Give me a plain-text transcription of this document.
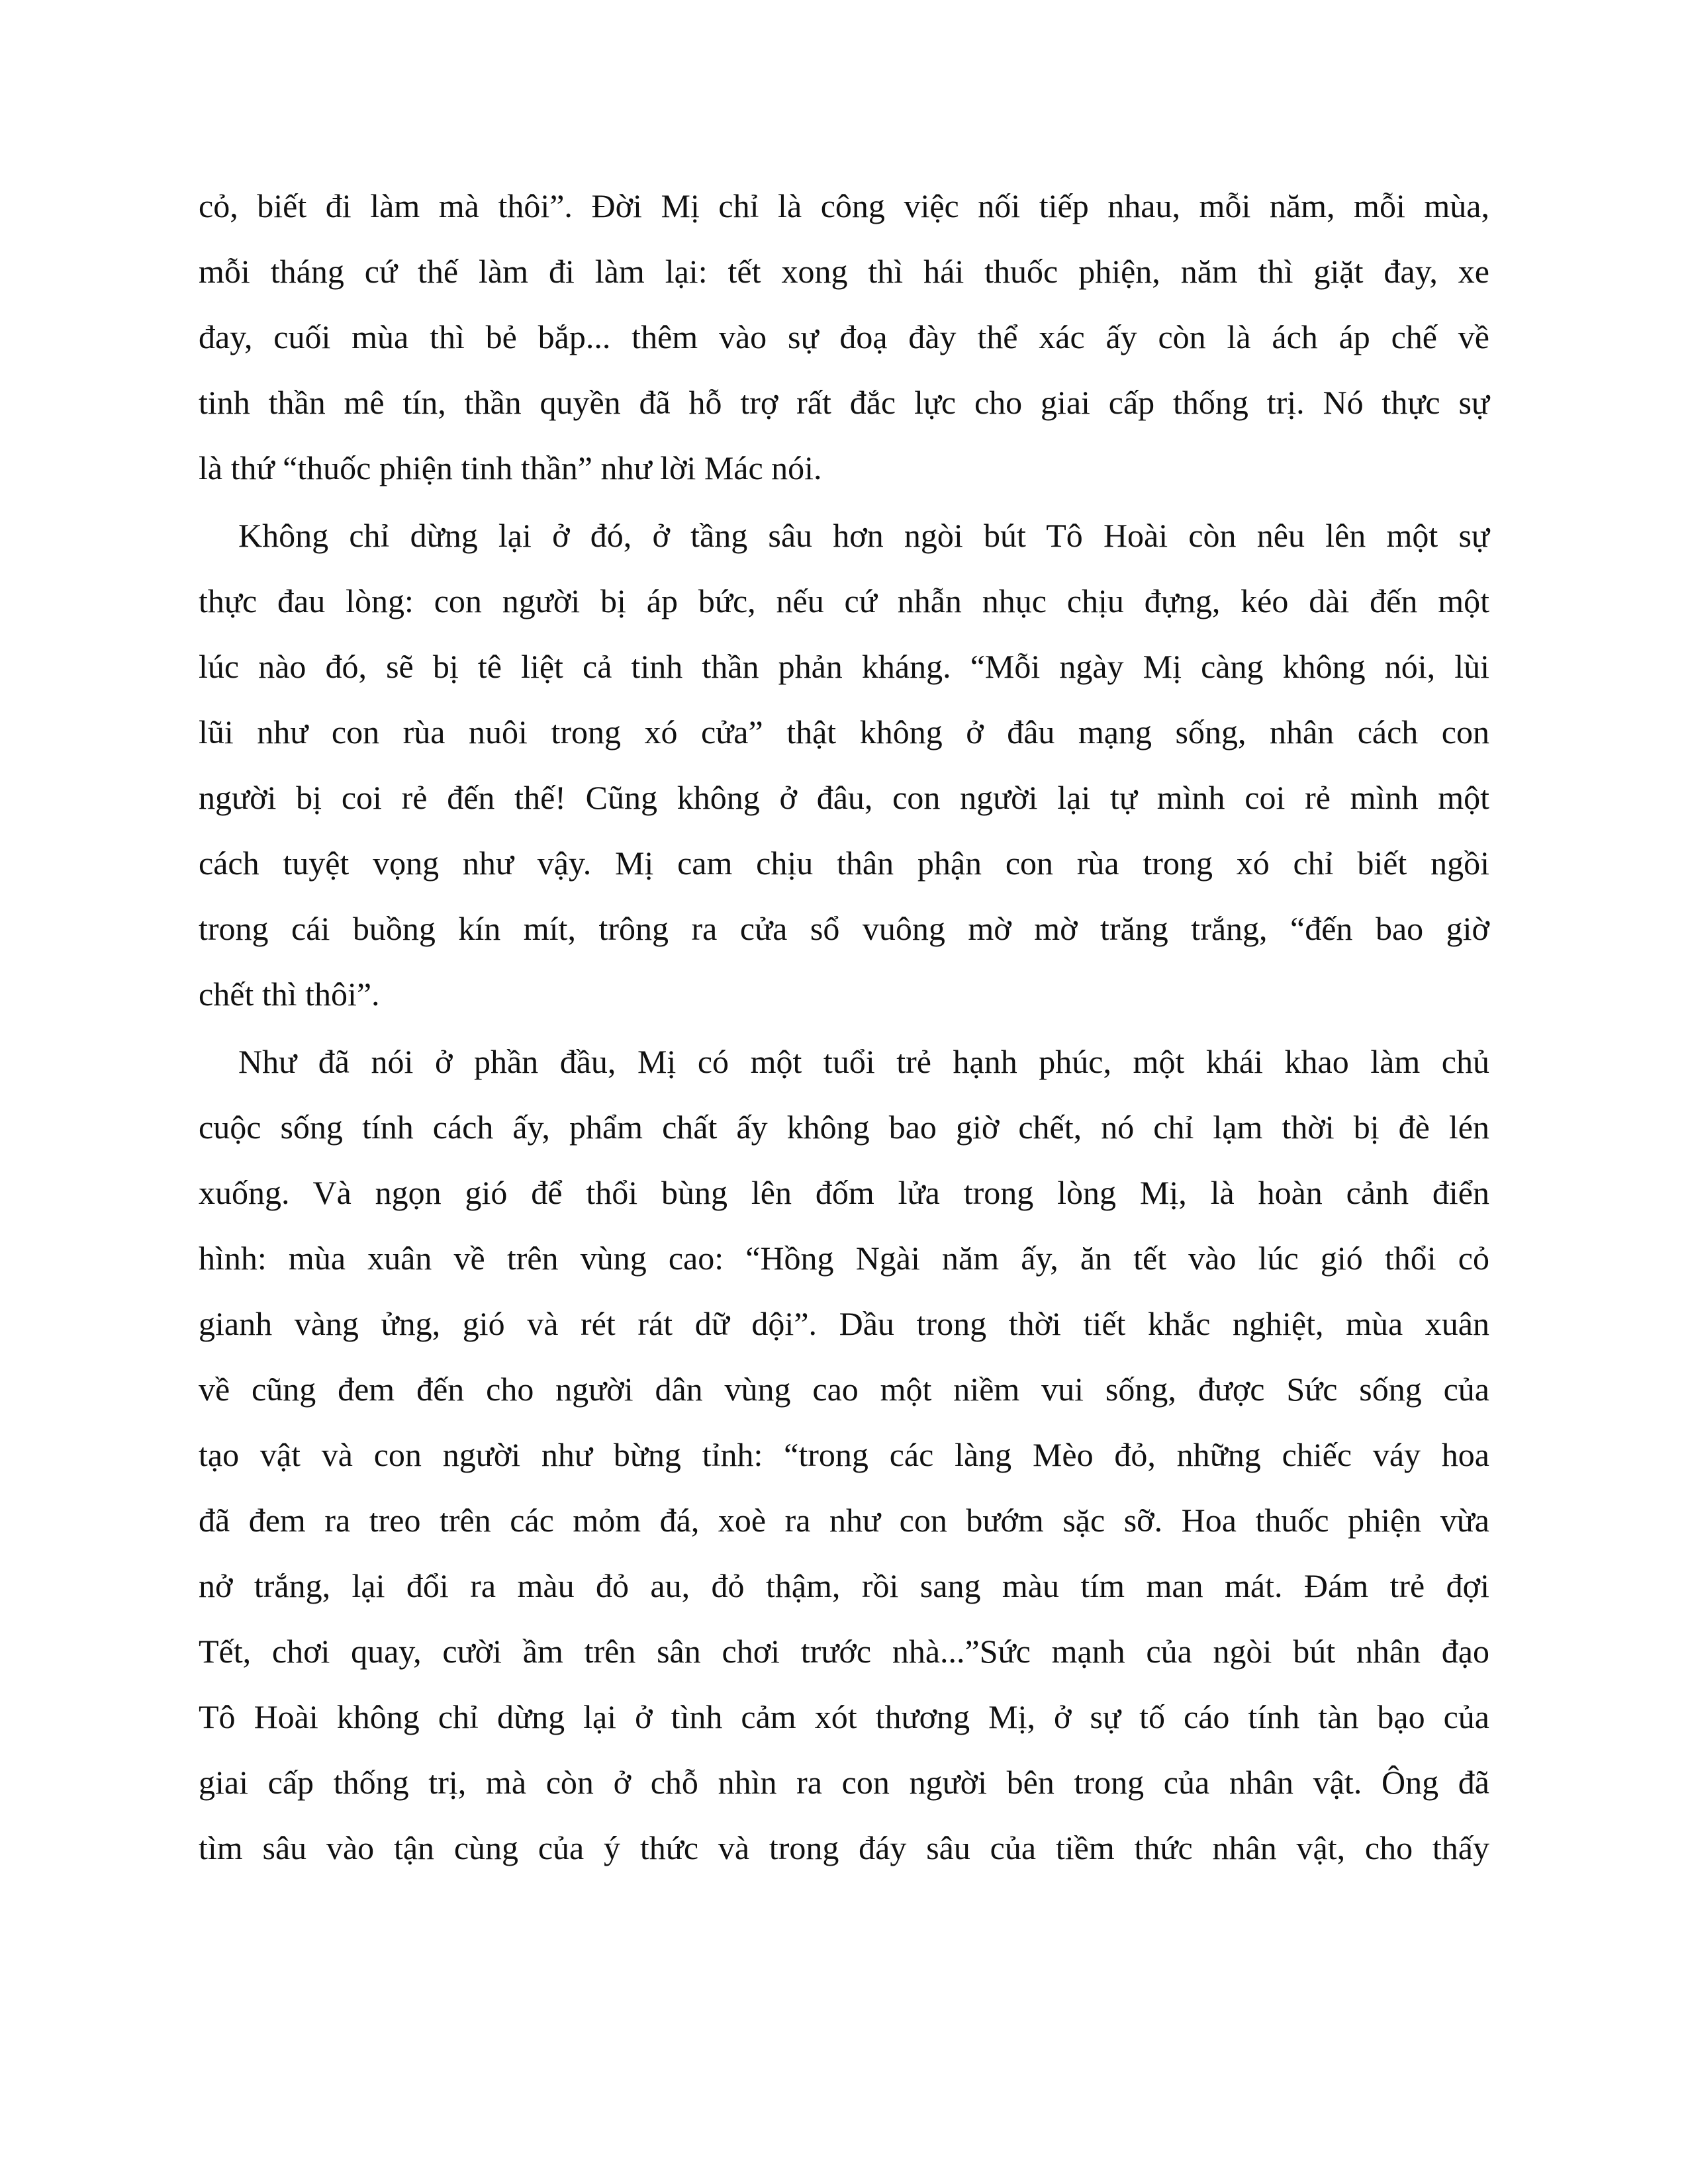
cỏ, biết đi làm mà thôi”. Đời Mị chỉ là công việc nối tiếp nhau, mỗi năm, mỗi mùa,
mỗi tháng cứ thế làm đi làm lại: tết xong thì hái thuốc phiện, năm thì giặt đay, xe
đay, cuối mùa thì bẻ bắp... thêm vào sự đoạ đày thể xác ấy còn là ách áp chế về
tinh thần mê tín, thần quyền đã hỗ trợ rất đắc lực cho giai cấp thống trị. Nó thực sự
là thứ “thuốc phiện tinh thần” như lời Mác nói.

Không chỉ dừng lại ở đó, ở tầng sâu hơn ngòi bút Tô Hoài còn nêu lên một sự
thực đau lòng: con người bị áp bức, nếu cứ nhẫn nhục chịu đựng, kéo dài đến một
lúc nào đó, sẽ bị tê liệt cả tinh thần phản kháng. “Mỗi ngày Mị càng không nói, lùi
lũi như con rùa nuôi trong xó cửa” thật không ở đâu mạng sống, nhân cách con
người bị coi rẻ đến thế! Cũng không ở đâu, con người lại tự mình coi rẻ mình một
cách tuyệt vọng như vậy. Mị cam chịu thân phận con rùa trong xó chỉ biết ngồi
trong cái buồng kín mít, trông ra cửa sổ vuông mờ mờ trăng trắng, “đến bao giờ
chết thì thôi”.

Như đã nói ở phần đầu, Mị có một tuổi trẻ hạnh phúc, một khái khao làm chủ
cuộc sống tính cách ấy, phẩm chất ấy không bao giờ chết, nó chỉ lạm thời bị đè lén
xuống. Và ngọn gió để thổi bùng lên đốm lửa trong lòng Mị, là hoàn cảnh điển
hình: mùa xuân về trên vùng cao: “Hồng Ngài năm ấy, ăn tết vào lúc gió thổi cỏ
gianh vàng ửng, gió và rét rát dữ dội”. Dầu trong thời tiết khắc nghiệt, mùa xuân
về cũng đem đến cho người dân vùng cao một niềm vui sống, được Sức sống của
tạo vật và con người như bừng tỉnh: “trong các làng Mèo đỏ, những chiếc váy hoa
đã đem ra treo trên các mỏm đá, xoè ra như con bướm sặc sỡ. Hoa thuốc phiện vừa
nở trắng, lại đổi ra màu đỏ au, đỏ thậm, rồi sang màu tím man mát. Đám trẻ đợi
Tết, chơi quay, cười ầm trên sân chơi trước nhà...”Sức mạnh của ngòi bút nhân đạo
Tô Hoài không chỉ dừng lại ở tình cảm xót thương Mị, ở sự tố cáo tính tàn bạo của
giai cấp thống trị, mà còn ở chỗ nhìn ra con người bên trong của nhân vật. Ông đã
tìm sâu vào tận cùng của ý thức và trong đáy sâu của tiềm thức nhân vật, cho thấy
